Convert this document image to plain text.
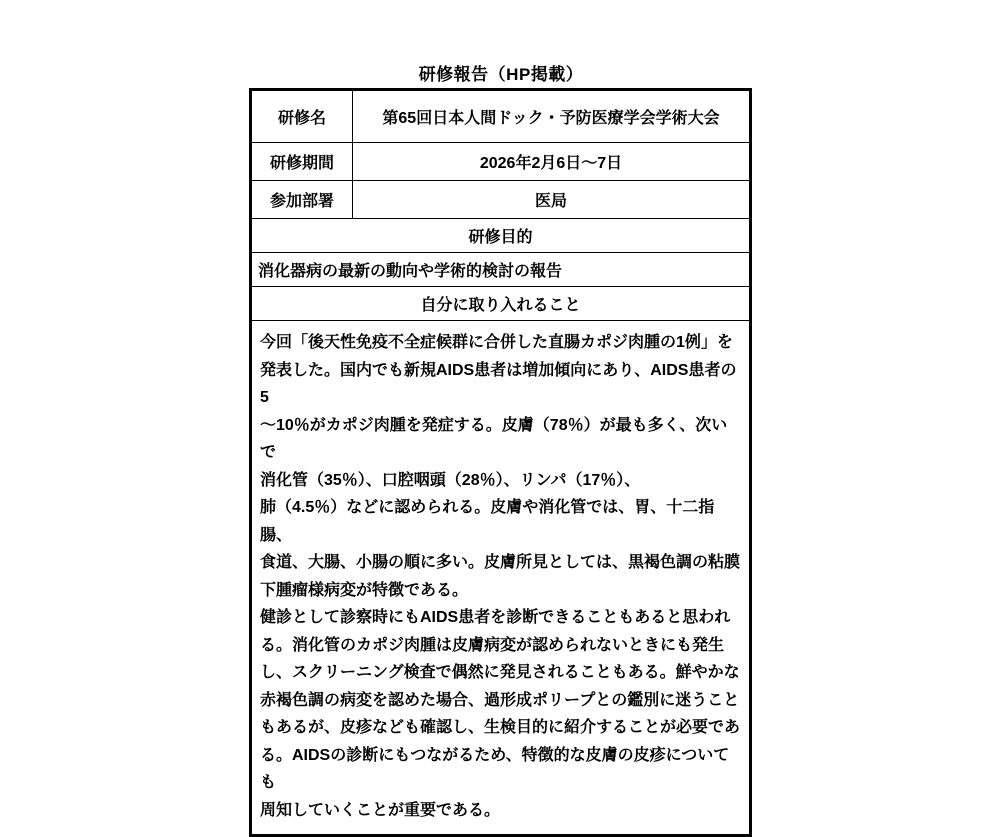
研修報告（HP掲載）
研修名	第65回日本人間ドック・予防医療学会学術大会

研修期間	2026年2月6日〜7日

参加部署	医局

研修目的	

消化器病の最新の動向や学術的検討の報告	

自分に取り入れること	

今回「後天性免疫不全症候群に合併した直腸カポジ肉腫の1例」を

発表した。国内でも新規AIDS患者は増加傾向にあり、AIDS患者の5

〜10％がカポジ肉腫を発症する。皮膚（78％）が最も多く、次いで

消化管（35％）、口腔咽頭（28％）、リンパ（17％）、

肺（4.5％）などに認められる。皮膚や消化管では、胃、十二指腸、

食道、大腸、小腸の順に多い。皮膚所見としては、黒褐色調の粘膜

下腫瘤様病変が特徴である。

健診として診察時にもAIDS患者を診断できることもあると思われ

る。消化管のカポジ肉腫は皮膚病変が認められないときにも発生

し、スクリーニング検査で偶然に発見されることもある。鮮やかな

赤褐色調の病変を認めた場合、過形成ポリープとの鑑別に迷うこと

もあるが、皮疹なども確認し、生検目的に紹介することが必要であ

る。AIDSの診断にもつながるため、特徴的な皮膚の皮疹についても

周知していくことが重要である。
